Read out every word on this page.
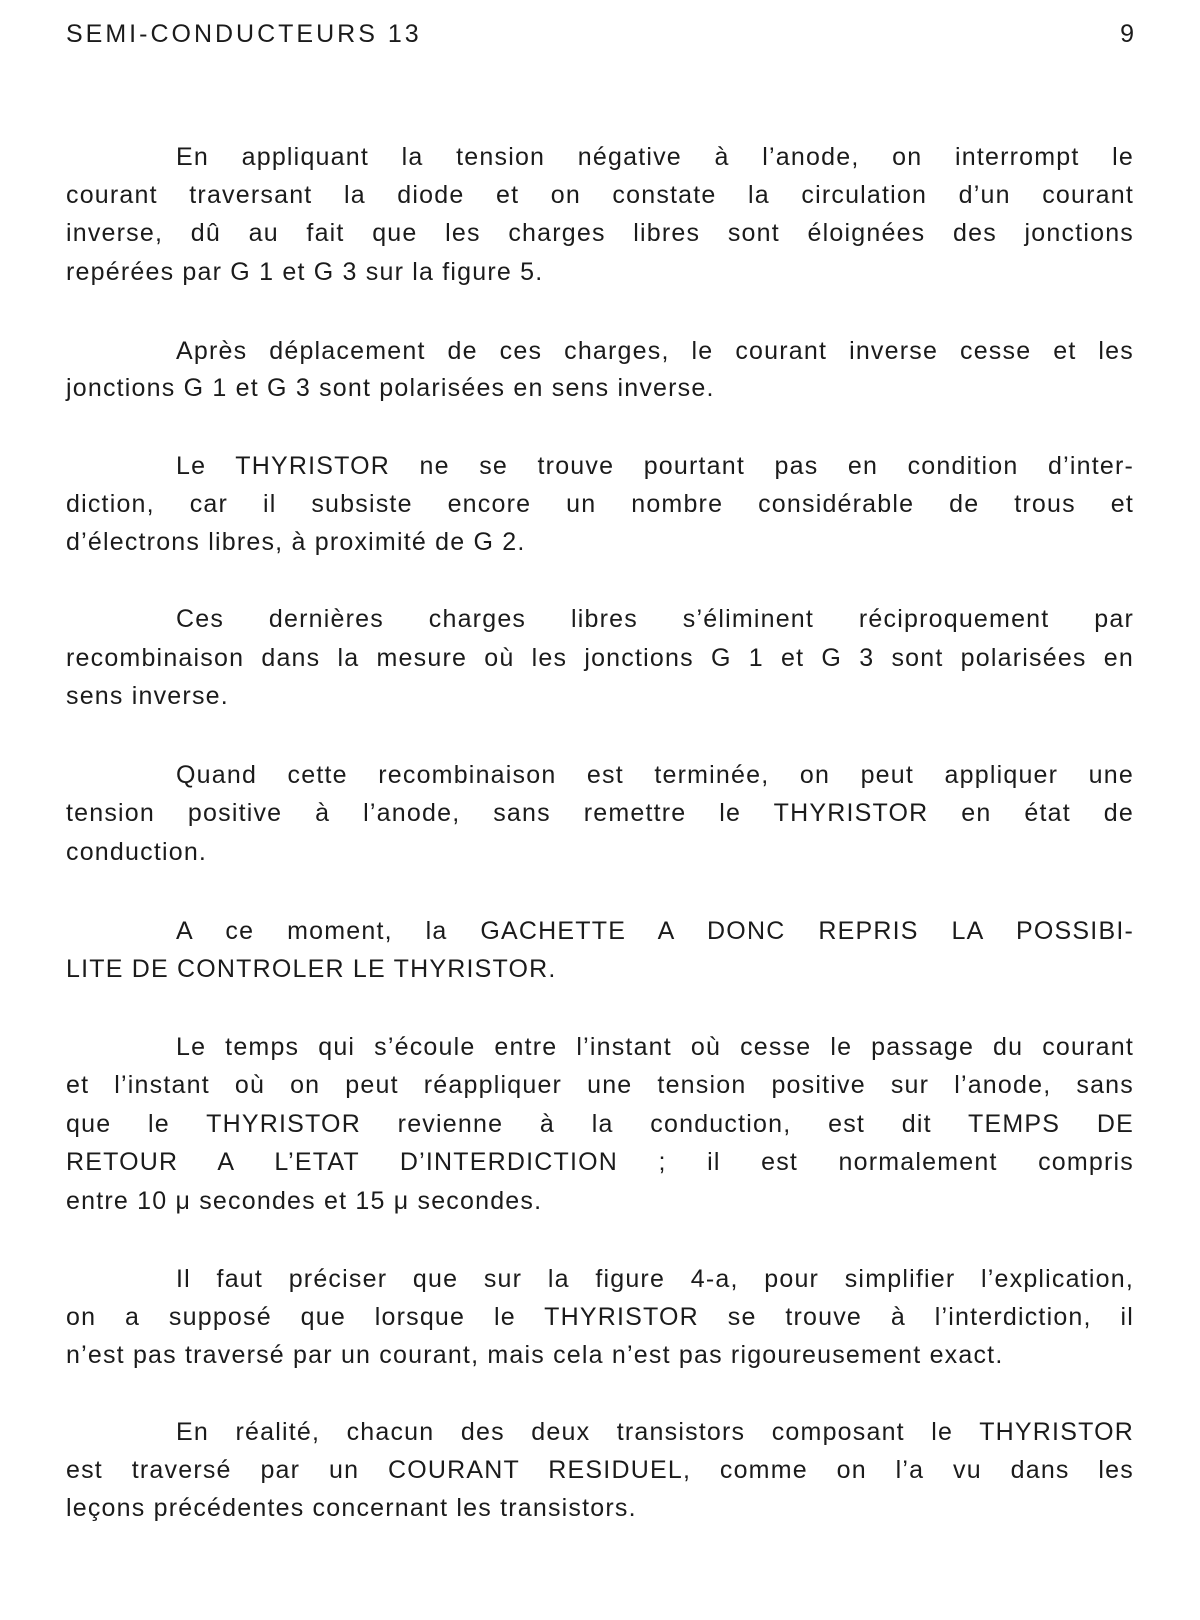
SEMI-CONDUCTEURS 13	9
En appliquant la tension négative à l’anode, on interrompt le
courant traversant la diode et on constate la circulation d’un courant
inverse, dû au fait que les charges libres sont éloignées des jonctions
repérées par G 1 et G 3 sur la figure 5.
Après déplacement de ces charges, le courant inverse cesse et les
jonctions G 1 et G 3 sont polarisées en sens inverse.
Le THYRISTOR ne se trouve pourtant pas en condition d’inter-
diction, car il subsiste encore un nombre considérable de trous et
d’électrons libres, à proximité de G 2.
Ces dernières charges libres s’éliminent réciproquement par
recombinaison dans la mesure où les jonctions G 1 et G 3 sont polarisées en
sens inverse.
Quand cette recombinaison est terminée, on peut appliquer une
tension positive à l’anode, sans remettre le THYRISTOR en état de
conduction.
A ce moment, la GACHETTE A DONC REPRIS LA POSSIBI-
LITE DE CONTROLER LE THYRISTOR.
Le temps qui s’écoule entre l’instant où cesse le passage du courant
et l’instant où on peut réappliquer une tension positive sur l’anode, sans
que le THYRISTOR revienne à la conduction, est dit TEMPS DE
RETOUR A L’ETAT D’INTERDICTION ; il est normalement compris
entre 10 μ secondes et 15 μ secondes.
Il faut préciser que sur la figure 4-a, pour simplifier l’explication,
on a supposé que lorsque le THYRISTOR se trouve à l’interdiction, il
n’est pas traversé par un courant, mais cela n’est pas rigoureusement exact.
En réalité, chacun des deux transistors composant le THYRISTOR
est traversé par un COURANT RESIDUEL, comme on l’a vu dans les
leçons précédentes concernant les transistors.
